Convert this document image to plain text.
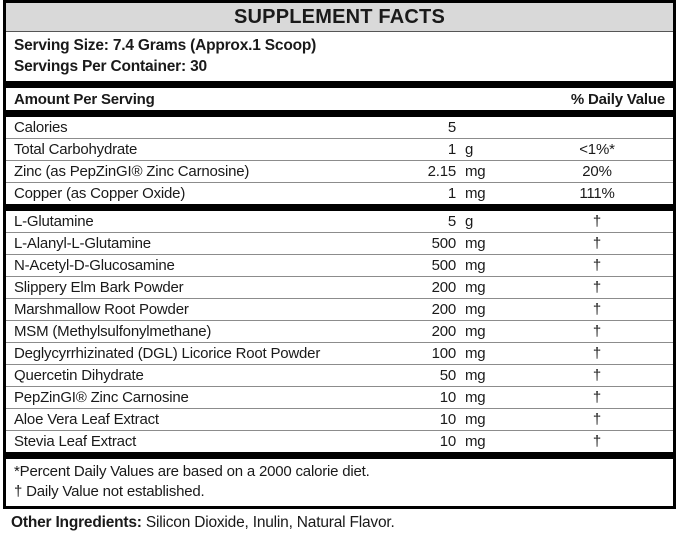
SUPPLEMENT FACTS
Serving Size: 7.4 Grams (Approx.1 Scoop)
Servings Per Container: 30
Amount Per Serving	% Daily Value
Calories	5
Total Carbohydrate	1 g	<1%*
Zinc (as PepZinGI® Zinc Carnosine)	2.15 mg	20%
Copper (as Copper Oxide)	1 mg	111%
L-Glutamine	5 g	†
L-Alanyl-L-Glutamine	500 mg	†
N-Acetyl-D-Glucosamine	500 mg	†
Slippery Elm Bark Powder	200 mg	†
Marshmallow Root Powder	200 mg	†
MSM (Methylsulfonylmethane)	200 mg	†
Deglycyrrhizinated (DGL) Licorice Root Powder	100 mg	†
Quercetin Dihydrate	50 mg	†
PepZinGI® Zinc Carnosine	10 mg	†
Aloe Vera Leaf Extract	10 mg	†
Stevia Leaf Extract	10 mg	†
*Percent Daily Values are based on a 2000 calorie diet.
† Daily Value not established.
Other Ingredients: Silicon Dioxide, Inulin, Natural Flavor.
